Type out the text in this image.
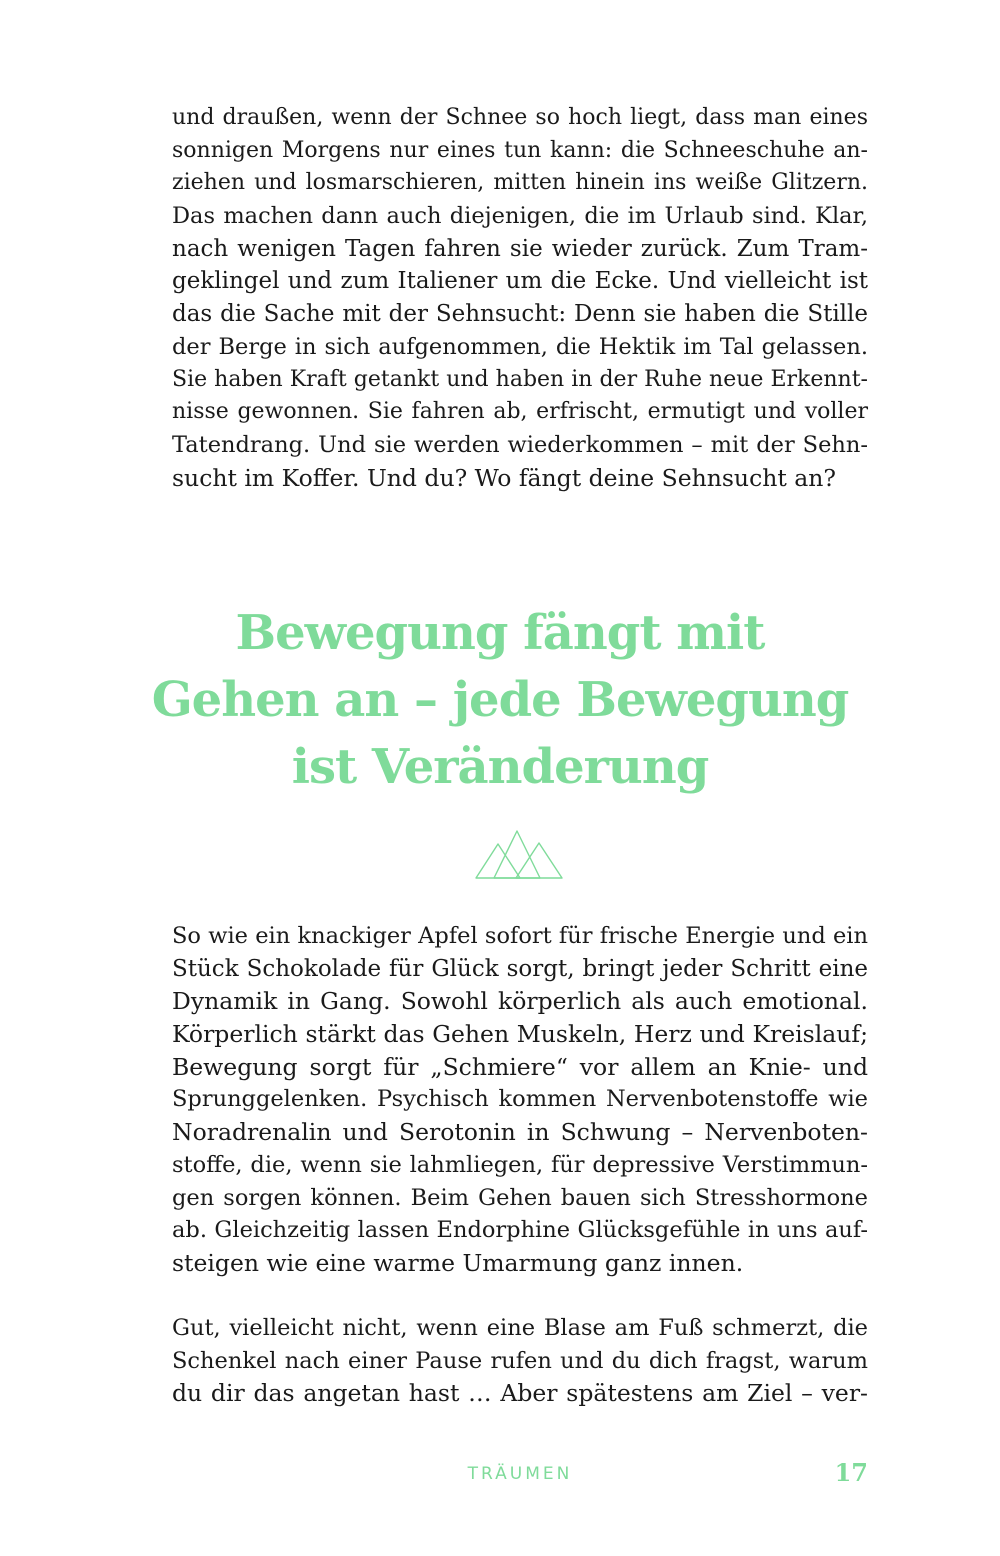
und draußen, wenn der Schnee so hoch liegt, dass man eines
sonnigen Morgens nur eines tun kann: die Schneeschuhe an-
ziehen und losmarschieren, mitten hinein ins weiße Glitzern.
Das machen dann auch diejenigen, die im Urlaub sind. Klar,
nach wenigen Tagen fahren sie wieder zurück. Zum Tram-
geklingel und zum Italiener um die Ecke. Und vielleicht ist
das die Sache mit der Sehnsucht: Denn sie haben die Stille
der Berge in sich aufgenommen, die Hektik im Tal gelassen.
Sie haben Kraft getankt und haben in der Ruhe neue Erkennt-
nisse gewonnen. Sie fahren ab, erfrischt, ermutigt und voller
Tatendrang. Und sie werden wiederkommen – mit der Sehn-
sucht im Koffer. Und du? Wo fängt deine Sehnsucht an?
Bewegung fängt mit
Gehen an – jede Bewegung
ist Veränderung
So wie ein knackiger Apfel sofort für frische Energie und ein
Stück Schokolade für Glück sorgt, bringt jeder Schritt eine
Dynamik in Gang. Sowohl körperlich als auch emotional.
Körperlich stärkt das Gehen Muskeln, Herz und Kreislauf;
Bewegung sorgt für „Schmiere“ vor allem an Knie- und
Sprunggelenken. Psychisch kommen Nervenbotenstoffe wie
Noradrenalin und Serotonin in Schwung – Nervenboten-
stoffe, die, wenn sie lahmliegen, für depressive Verstimmun-
gen sorgen können. Beim Gehen bauen sich Stresshormone
ab. Gleichzeitig lassen Endorphine Glücksgefühle in uns auf-
steigen wie eine warme Umarmung ganz innen.
Gut, vielleicht nicht, wenn eine Blase am Fuß schmerzt, die
Schenkel nach einer Pause rufen und du dich fragst, warum
du dir das angetan hast … Aber spätestens am Ziel – ver-
TRÄUMEN	17
